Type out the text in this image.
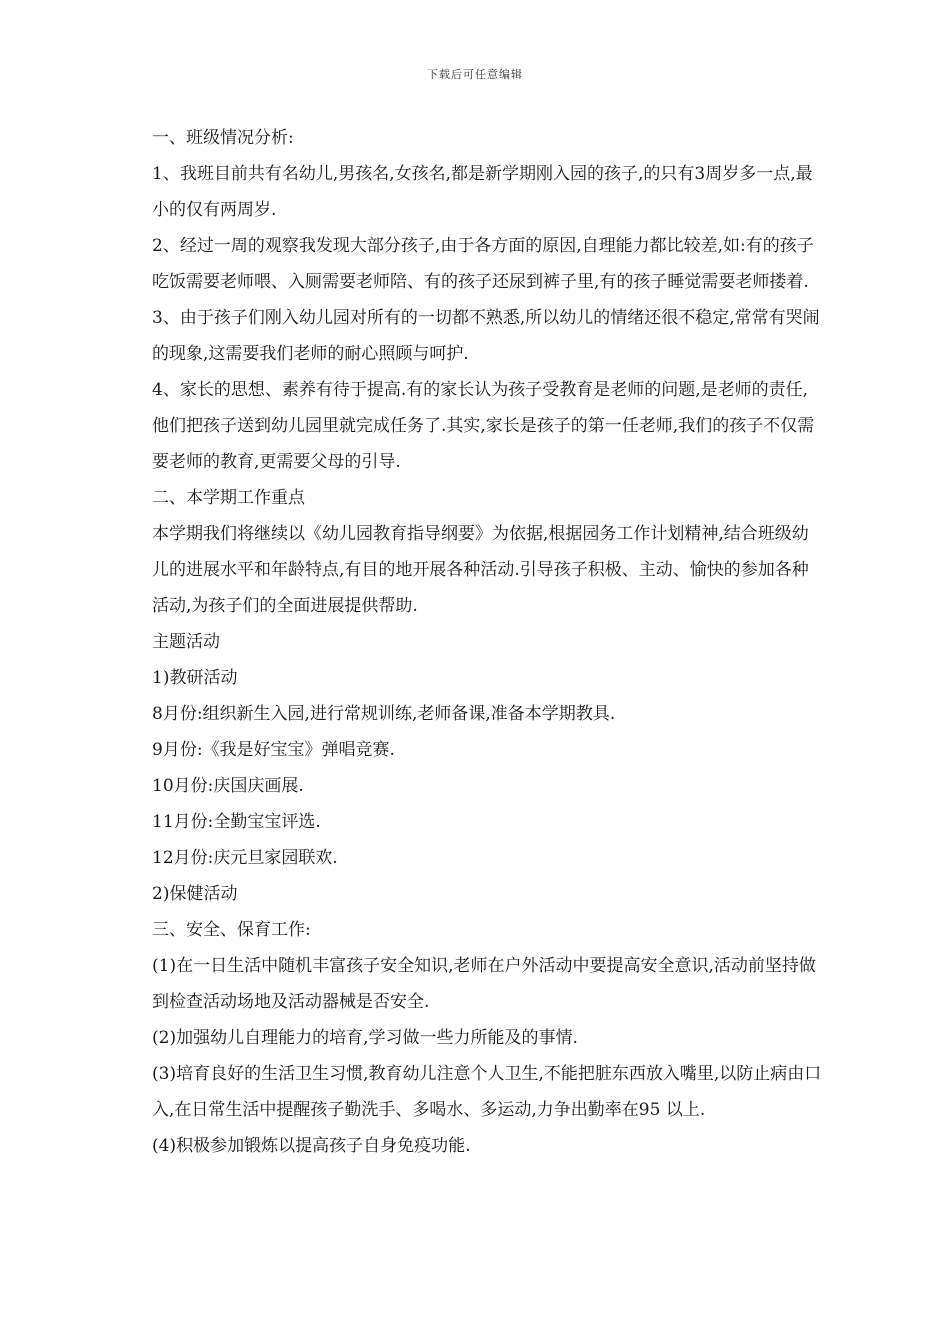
下载后可任意编辑

一、班级情况分析:

1、我班目前共有名幼儿,男孩名,女孩名,都是新学期刚入园的孩子,的只有3周岁多一点,最小的仅有两周岁.

2、经过一周的观察我发现大部分孩子,由于各方面的原因,自理能力都比较差,如:有的孩子吃饭需要老师喂、入厕需要老师陪、有的孩子还尿到裤子里,有的孩子睡觉需要老师搂着.

3、由于孩子们刚入幼儿园对所有的一切都不熟悉,所以幼儿的情绪还很不稳定,常常有哭闹的现象,这需要我们老师的耐心照顾与呵护.

4、家长的思想、素养有待于提高.有的家长认为孩子受教育是老师的问题,是老师的责任,他们把孩子送到幼儿园里就完成任务了.其实,家长是孩子的第一任老师,我们的孩子不仅需要老师的教育,更需要父母的引导.

二、本学期工作重点

本学期我们将继续以《幼儿园教育指导纲要》为依据,根据园务工作计划精神,结合班级幼儿的进展水平和年龄特点,有目的地开展各种活动.引导孩子积极、主动、愉快的参加各种活动,为孩子们的全面进展提供帮助.

主题活动

1)教研活动

8月份:组织新生入园,进行常规训练,老师备课,准备本学期教具.

9月份:《我是好宝宝》弹唱竞赛.

10月份:庆国庆画展.

11月份:全勤宝宝评选.

12月份:庆元旦家园联欢.

2)保健活动

三、安全、保育工作:

(1)在一日生活中随机丰富孩子安全知识,老师在户外活动中要提高安全意识,活动前坚持做到检查活动场地及活动器械是否安全.

(2)加强幼儿自理能力的培育,学习做一些力所能及的事情.

(3)培育良好的生活卫生习惯,教育幼儿注意个人卫生,不能把脏东西放入嘴里,以防止病由口入,在日常生活中提醒孩子勤洗手、多喝水、多运动,力争出勤率在95 以上.

(4)积极参加锻炼以提高孩子自身免疫功能.
